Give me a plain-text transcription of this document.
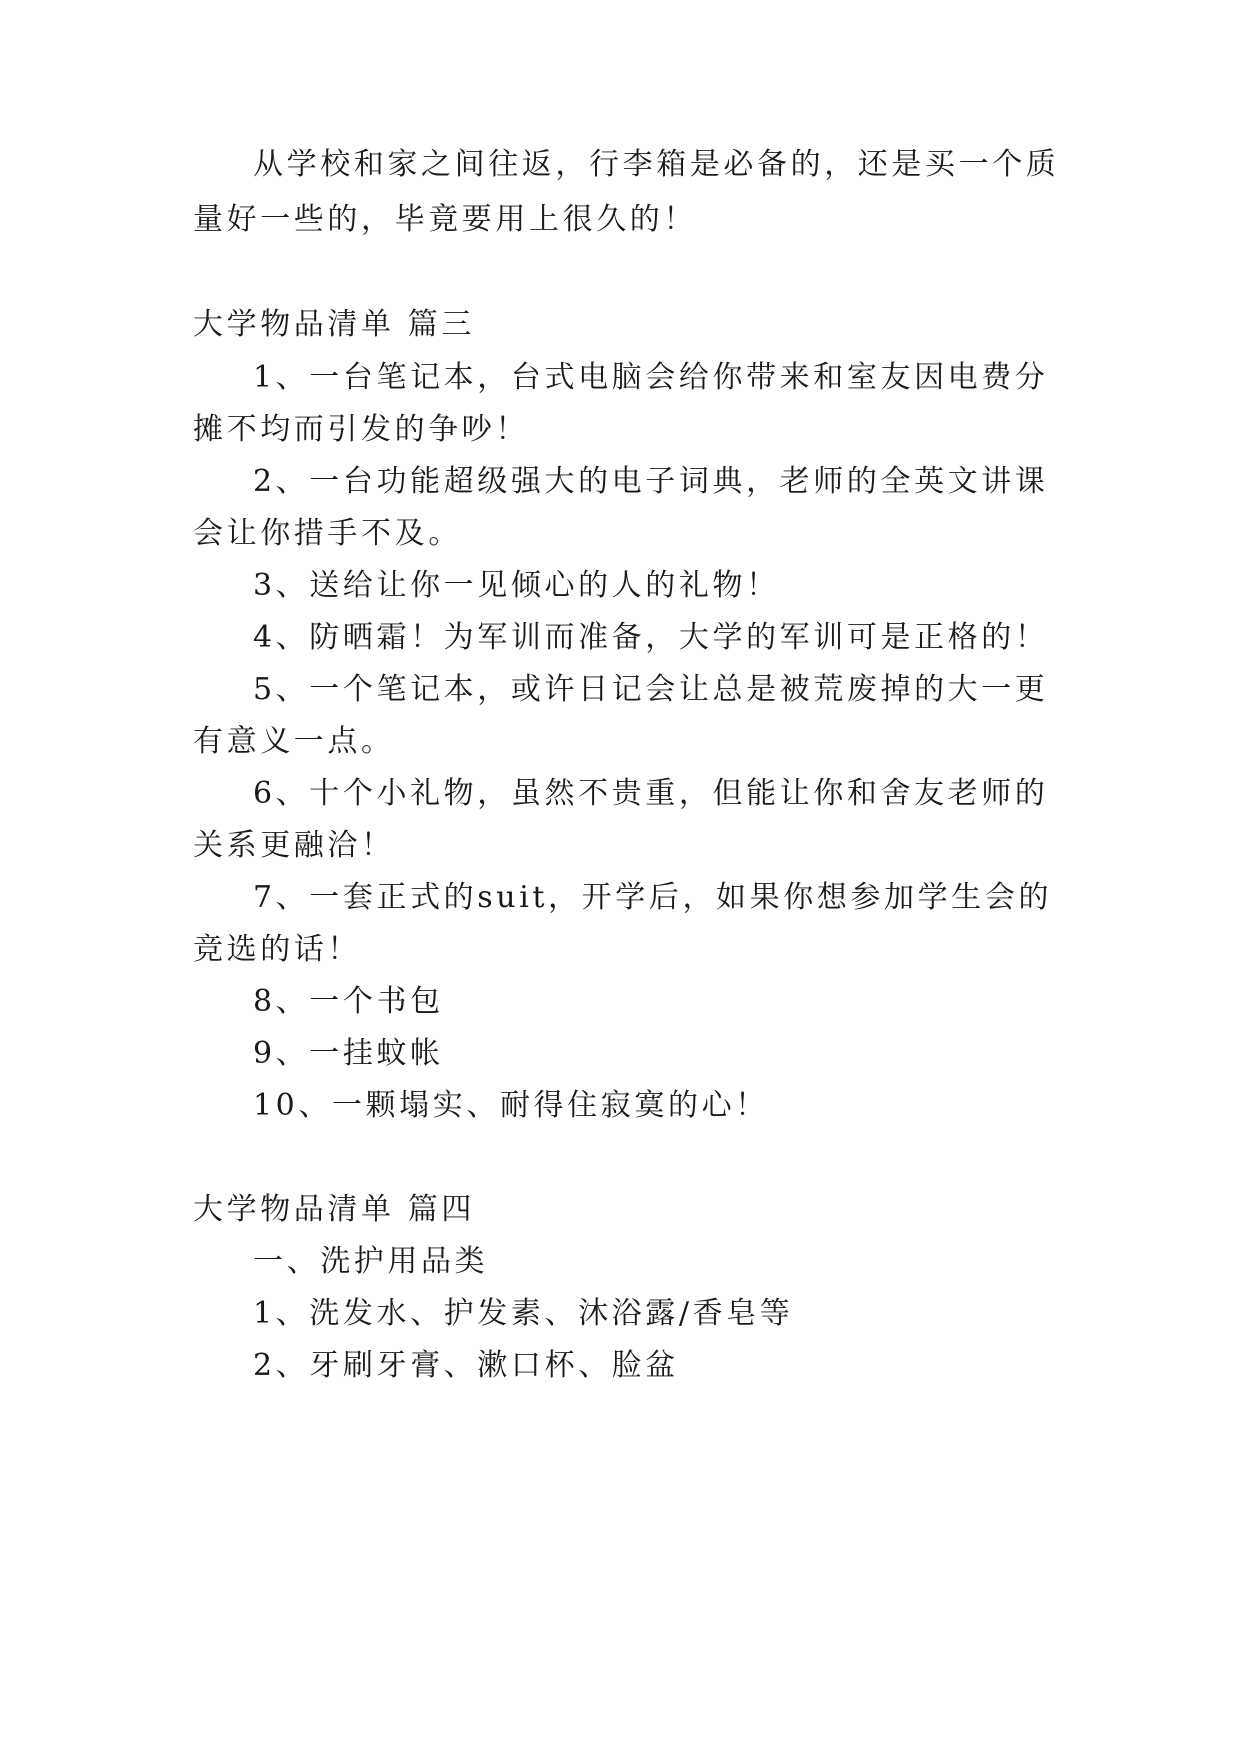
从学校和家之间往返，行李箱是必备的，还是买一个质
量好一些的，毕竟要用上很久的！
大学物品清单 篇三
1、一台笔记本，台式电脑会给你带来和室友因电费分
摊不均而引发的争吵！
2、一台功能超级强大的电子词典，老师的全英文讲课
会让你措手不及。
3、送给让你一见倾心的人的礼物！
4、防晒霜！为军训而准备，大学的军训可是正格的！
5、一个笔记本，或许日记会让总是被荒废掉的大一更
有意义一点。
6、十个小礼物，虽然不贵重，但能让你和舍友老师的
关系更融洽！
7、一套正式的suit，开学后，如果你想参加学生会的
竞选的话！
8、一个书包
9、一挂蚊帐
10、一颗塌实、耐得住寂寞的心！
大学物品清单 篇四
一、洗护用品类
1、洗发水、护发素、沐浴露/香皂等
2、牙刷牙膏、漱口杯、脸盆
